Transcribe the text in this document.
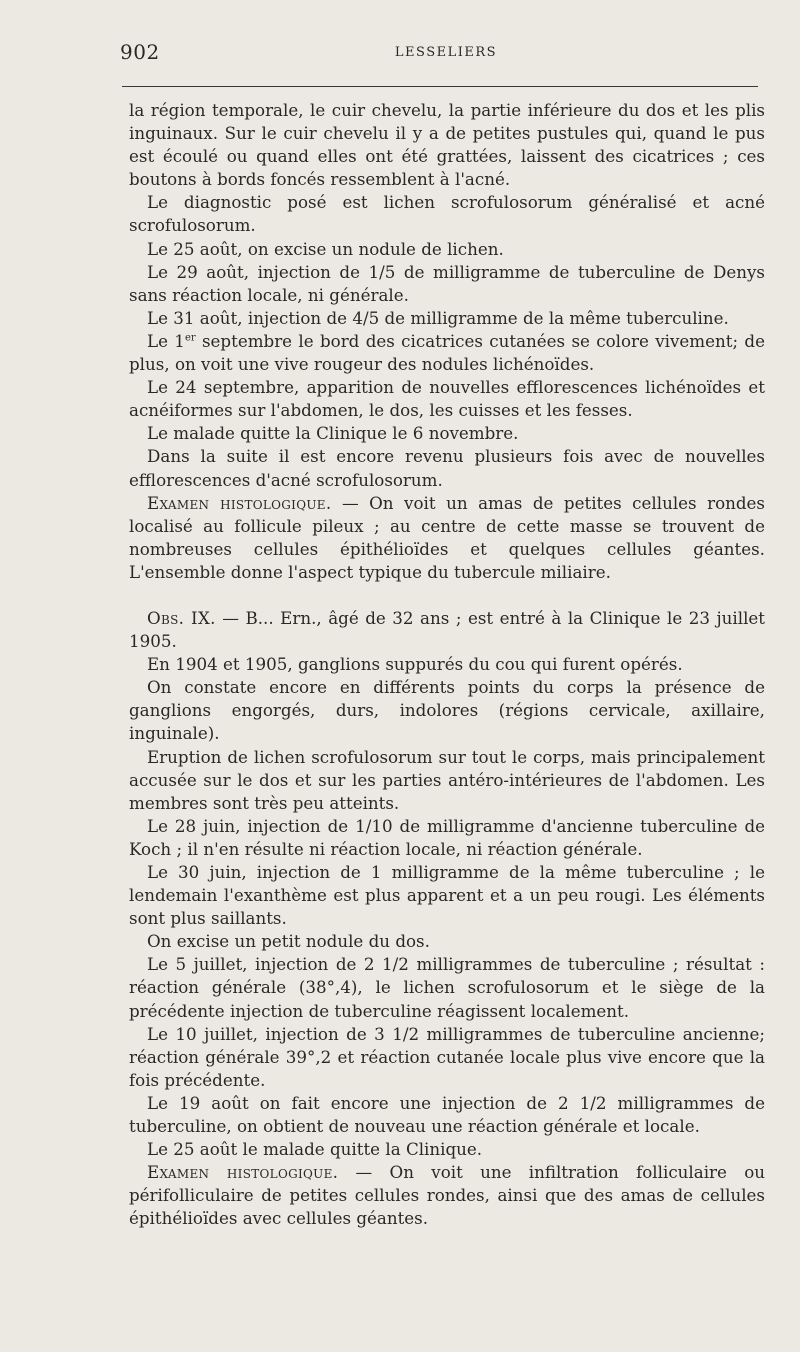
902	LESSELIERS

la région temporale, le cuir chevelu, la partie inférieure du dos et les plis inguinaux. Sur le cuir chevelu il y a de petites pustules qui, quand le pus est écoulé ou quand elles ont été grattées, laissent des cicatrices ; ces boutons à bords foncés ressemblent à l'acné.

Le diagnostic posé est lichen scrofulosorum généralisé et acné scrofulosorum.

Le 25 août, on excise un nodule de lichen.

Le 29 août, injection de 1/5 de milligramme de tuberculine de Denys sans réaction locale, ni générale.

Le 31 août, injection de 4/5 de milligramme de la même tuberculine.

Le 1er septembre le bord des cicatrices cutanées se colore vivement; de plus, on voit une vive rougeur des nodules lichénoïdes.

Le 24 septembre, apparition de nouvelles efflorescences lichénoïdes et acnéiformes sur l'abdomen, le dos, les cuisses et les fesses.

Le malade quitte la Clinique le 6 novembre.

Dans la suite il est encore revenu plusieurs fois avec de nouvelles efflorescences d'acné scrofulosorum.

Examen histologique. — On voit un amas de petites cellules rondes localisé au follicule pileux ; au centre de cette masse se trouvent de nombreuses cellules épithélioïdes et quelques cellules géantes. L'ensemble donne l'aspect typique du tubercule miliaire.

Obs. IX. — B... Ern., âgé de 32 ans ; est entré à la Clinique le 23 juillet 1905.

En 1904 et 1905, ganglions suppurés du cou qui furent opérés.

On constate encore en différents points du corps la présence de ganglions engorgés, durs, indolores (régions cervicale, axillaire, inguinale).

Eruption de lichen scrofulosorum sur tout le corps, mais principalement accusée sur le dos et sur les parties antéro-intérieures de l'abdomen. Les membres sont très peu atteints.

Le 28 juin, injection de 1/10 de milligramme d'ancienne tuberculine de Koch ; il n'en résulte ni réaction locale, ni réaction générale.

Le 30 juin, injection de 1 milligramme de la même tuberculine ; le lendemain l'exanthème est plus apparent et a un peu rougi. Les éléments sont plus saillants.

On excise un petit nodule du dos.

Le 5 juillet, injection de 2 1/2 milligrammes de tuberculine ; résultat : réaction générale (38°,4), le lichen scrofulosorum et le siège de la précédente injection de tuberculine réagissent localement.

Le 10 juillet, injection de 3 1/2 milligrammes de tuberculine ancienne; réaction générale 39°,2 et réaction cutanée locale plus vive encore que la fois précédente.

Le 19 août on fait encore une injection de 2 1/2 milligrammes de tuberculine, on obtient de nouveau une réaction générale et locale.

Le 25 août le malade quitte la Clinique.

Examen histologique. — On voit une infiltration folliculaire ou périfolliculaire de petites cellules rondes, ainsi que des amas de cellules épithélioïdes avec cellules géantes.
